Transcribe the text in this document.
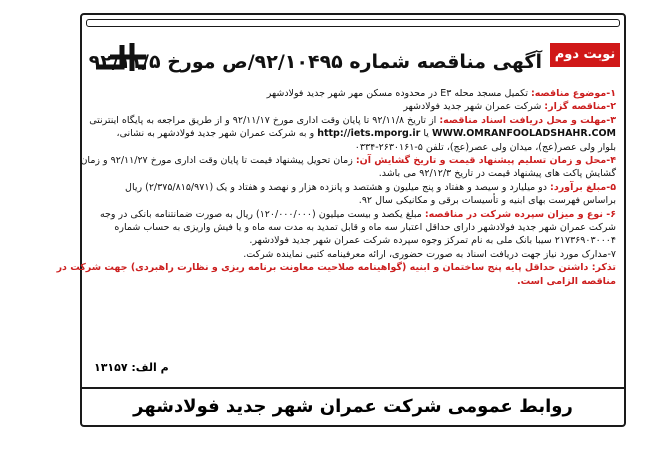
نوبت دوم
آگهی مناقصه شماره ۹۲/۱۰۴۹۵/ص مورخ ۹۲/۱۱/۵
۱-موضوع مناقصه: تکمیل مسجد محله E۳ در محدوده مسکن مهر شهر جدید فولادشهر
۲-مناقصه گزار: شرکت عمران شهر جدید فولادشهر
۳-مهلت و محل دریافت اسناد مناقصه: از تاریخ ۹۲/۱۱/۸ تا پایان وقت اداری مورخ ۹۲/۱۱/۱۷ و از طریق مراجعه به پایگاه اینترنتی
WWW.OMRANFOOLADSHAHR.COM یا http://iets.mporg.ir و به شرکت عمران شهر جدید فولادشهر به نشانی،
بلوار ولی عصر(عج)، میدان ولی عصر(عج)، تلفن ۵-۲۶۳۰۱۶۱-۰۳۳۴
۴-محل و زمان تسلیم پیشنهاد قیمت و تاریخ گشایش آن: زمان تحویل پیشنهاد قیمت تا پایان وقت اداری مورخ ۹۲/۱۱/۲۷ و زمان
گشایش پاکت های پیشنهاد قیمت در تاریخ ۹۲/۱۲/۳ می باشد.
۵-مبلغ برآورد: دو میلیارد و سیصد و هفتاد و پنج میلیون و هشتصد و پانزده هزار و نهصد و هفتاد و یک (۲/۳۷۵/۸۱۵/۹۷۱) ریال
براساس فهرست بهای ابنیه و تأسیسات برقی و مکانیکی سال ۹۲.
۶- نوع و میزان سپرده شرکت در مناقصه: مبلغ یکصد و بیست میلیون (۱۲۰/۰۰۰/۰۰۰) ریال به صورت ضمانتنامه بانکی در وجه
شرکت عمران شهر جدید فولادشهر دارای حداقل اعتبار سه ماه و قابل تمدید به مدت سه ماه و یا فیش واریزی به حساب شماره
۲۱۷۳۶۹۰۳۰۰۰۴ سیبا بانک ملی به نام تمرکز وجوه سپرده شرکت عمران شهر جدید فولادشهر.
۷-مدارک مورد نیاز جهت دریافت اسناد به صورت حضوری، ارائه معرفینامه کتبی نماینده شرکت.
تذکر: داشتن حداقل پایه پنج ساختمان و ابنیه (گواهینامه صلاحیت معاونت برنامه ریزی و نظارت راهبردی) جهت شرکت در
مناقصه الزامی است.
م الف: ۱۳۱۵۷
روابط عمومی شرکت عمران شهر جدید فولادشهر
